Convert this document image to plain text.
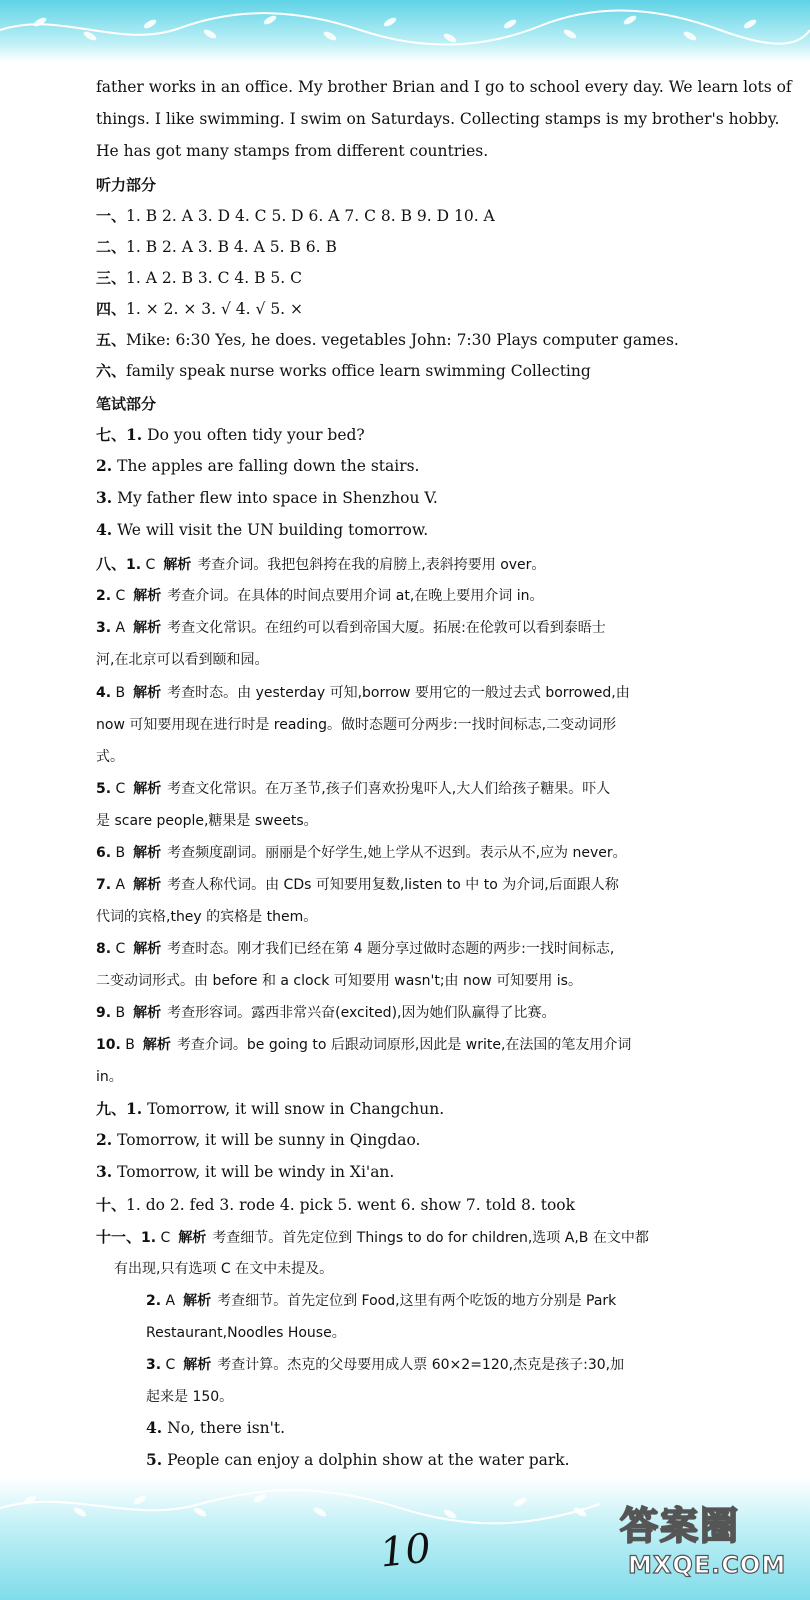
father works in an office. My brother Brian and I go to school every day. We learn lots of
things. I like swimming. I swim on Saturdays. Collecting stamps is my brother's hobby.
He has got many stamps from different countries.
听力部分
一、1. B 2. A 3. D 4. C 5. D 6. A 7. C 8. B 9. D 10. A
二、1. B 2. A 3. B 4. A 5. B 6. B
三、1. A 2. B 3. C 4. B 5. C
四、1. × 2. × 3. √ 4. √ 5. ×
五、Mike: 6:30 Yes, he does. vegetables John: 7:30 Plays computer games.
六、family speak nurse works office learn swimming Collecting
笔试部分
七、1. Do you often tidy your bed?
2. The apples are falling down the stairs.
3. My father flew into space in Shenzhou V.
4. We will visit the UN building tomorrow.
八、1. C 解析 考查介词。我把包斜挎在我的肩膀上,表斜挎要用 over。
2. C 解析 考查介词。在具体的时间点要用介词 at,在晚上要用介词 in。
3. A 解析 考查文化常识。在纽约可以看到帝国大厦。拓展:在伦敦可以看到泰晤士
河,在北京可以看到颐和园。
4. B 解析 考查时态。由 yesterday 可知,borrow 要用它的一般过去式 borrowed,由
now 可知要用现在进行时是 reading。做时态题可分两步:一找时间标志,二变动词形
式。
5. C 解析 考查文化常识。在万圣节,孩子们喜欢扮鬼吓人,大人们给孩子糖果。吓人
是 scare people,糖果是 sweets。
6. B 解析 考查频度副词。丽丽是个好学生,她上学从不迟到。表示从不,应为 never。
7. A 解析 考查人称代词。由 CDs 可知要用复数,listen to 中 to 为介词,后面跟人称
代词的宾格,they 的宾格是 them。
8. C 解析 考查时态。刚才我们已经在第 4 题分享过做时态题的两步:一找时间标志,
二变动词形式。由 before 和 a clock 可知要用 wasn't;由 now 可知要用 is。
9. B 解析 考查形容词。露西非常兴奋(excited),因为她们队赢得了比赛。
10. B 解析 考查介词。be going to 后跟动词原形,因此是 write,在法国的笔友用介词
in。
九、1. Tomorrow, it will snow in Changchun.
2. Tomorrow, it will be sunny in Qingdao.
3. Tomorrow, it will be windy in Xi'an.
十、1. do 2. fed 3. rode 4. pick 5. went 6. show 7. told 8. took
十一、1. C 解析 考查细节。首先定位到 Things to do for children,选项 A,B 在文中都
有出现,只有选项 C 在文中未提及。
2. A 解析 考查细节。首先定位到 Food,这里有两个吃饭的地方分别是 Park
Restaurant,Noodles House。
3. C 解析 考查计算。杰克的父母要用成人票 60×2=120,杰克是孩子:30,加
起来是 150。
4. No, there isn't.
5. People can enjoy a dolphin show at the water park.
10	答案圈
MXQE.COM
